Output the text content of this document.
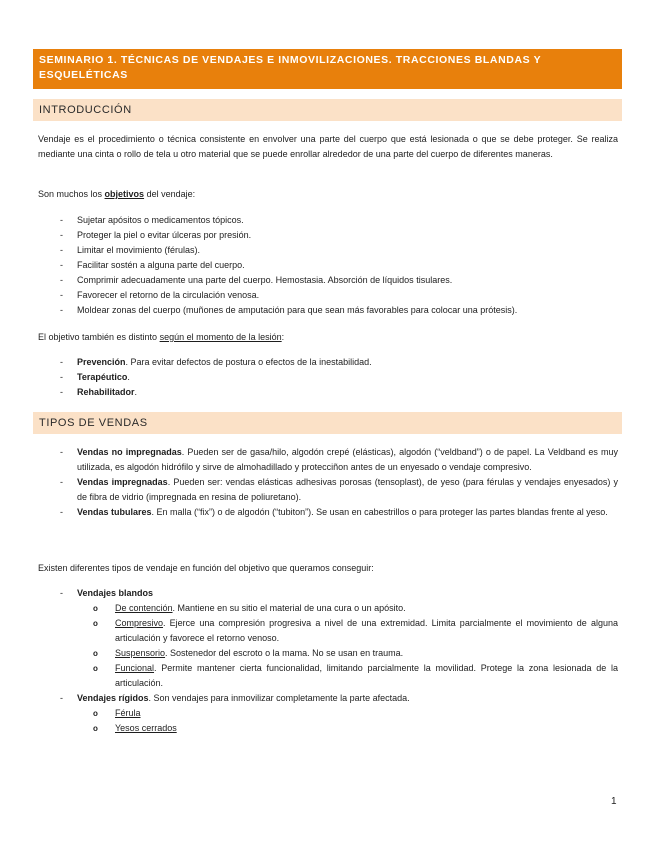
SEMINARIO 1. TÉCNICAS DE VENDAJES E INMOVILIZACIONES. TRACCIONES BLANDAS Y ESQUELÉTICAS
INTRODUCCIÓN

Vendaje es el procedimiento o técnica consistente en envolver una parte del cuerpo que está lesionada o que se debe proteger. Se realiza mediante una cinta o rollo de tela u otro material que se puede enrollar alrededor de una parte del cuerpo de diferentes maneras.

Son muchos los objetivos del vendaje:

- Sujetar apósitos o medicamentos tópicos.
- Proteger la piel o evitar úlceras por presión.
- Limitar el movimiento (férulas).
- Facilitar sostén a alguna parte del cuerpo.
- Comprimir adecuadamente una parte del cuerpo. Hemostasia. Absorción de líquidos tisulares.
- Favorecer el retorno de la circulación venosa.
- Moldear zonas del cuerpo (muñones de amputación para que sean más favorables para colocar una prótesis).

El objetivo también es distinto según el momento de la lesión:

- Prevención. Para evitar defectos de postura o efectos de la inestabilidad.
- Terapéutico.
- Rehabilitador.
TIPOS DE VENDAS
- Vendas no impregnadas. Pueden ser de gasa/hilo, algodón crepé (elásticas), algodón (“veldband”) o de papel. La Veldband es muy utilizada, es algodón hidrófilo y sirve de almohadillado y protecciñon antes de un enyesado o vendaje compresivo.
- Vendas impregnadas. Pueden ser: vendas elásticas adhesivas porosas (tensoplast), de yeso (para férulas y vendajes enyesados) y de fibra de vidrio (impregnada en resina de poliuretano).
- Vendas tubulares. En malla (“fix”) o de algodón (“tubiton”). Se usan en cabestrillos o para proteger las partes blandas frente al yeso.

Existen diferentes tipos de vendaje en función del objetivo que queramos conseguir:

- Vendajes blandos
o De contención. Mantiene en su sitio el material de una cura o un apósito.
o Compresivo. Ejerce una compresión progresiva a nivel de una extremidad. Limita parcialmente el movimiento de alguna articulación y favorece el retorno venoso.
o Suspensorio. Sostenedor del escroto o la mama. No se usan en trauma.
o Funcional. Permite mantener cierta funcionalidad, limitando parcialmente la movilidad. Protege la zona lesionada de la articulación.
- Vendajes rígidos. Son vendajes para inmovilizar completamente la parte afectada.
o Férula
o Yesos cerrados
1
